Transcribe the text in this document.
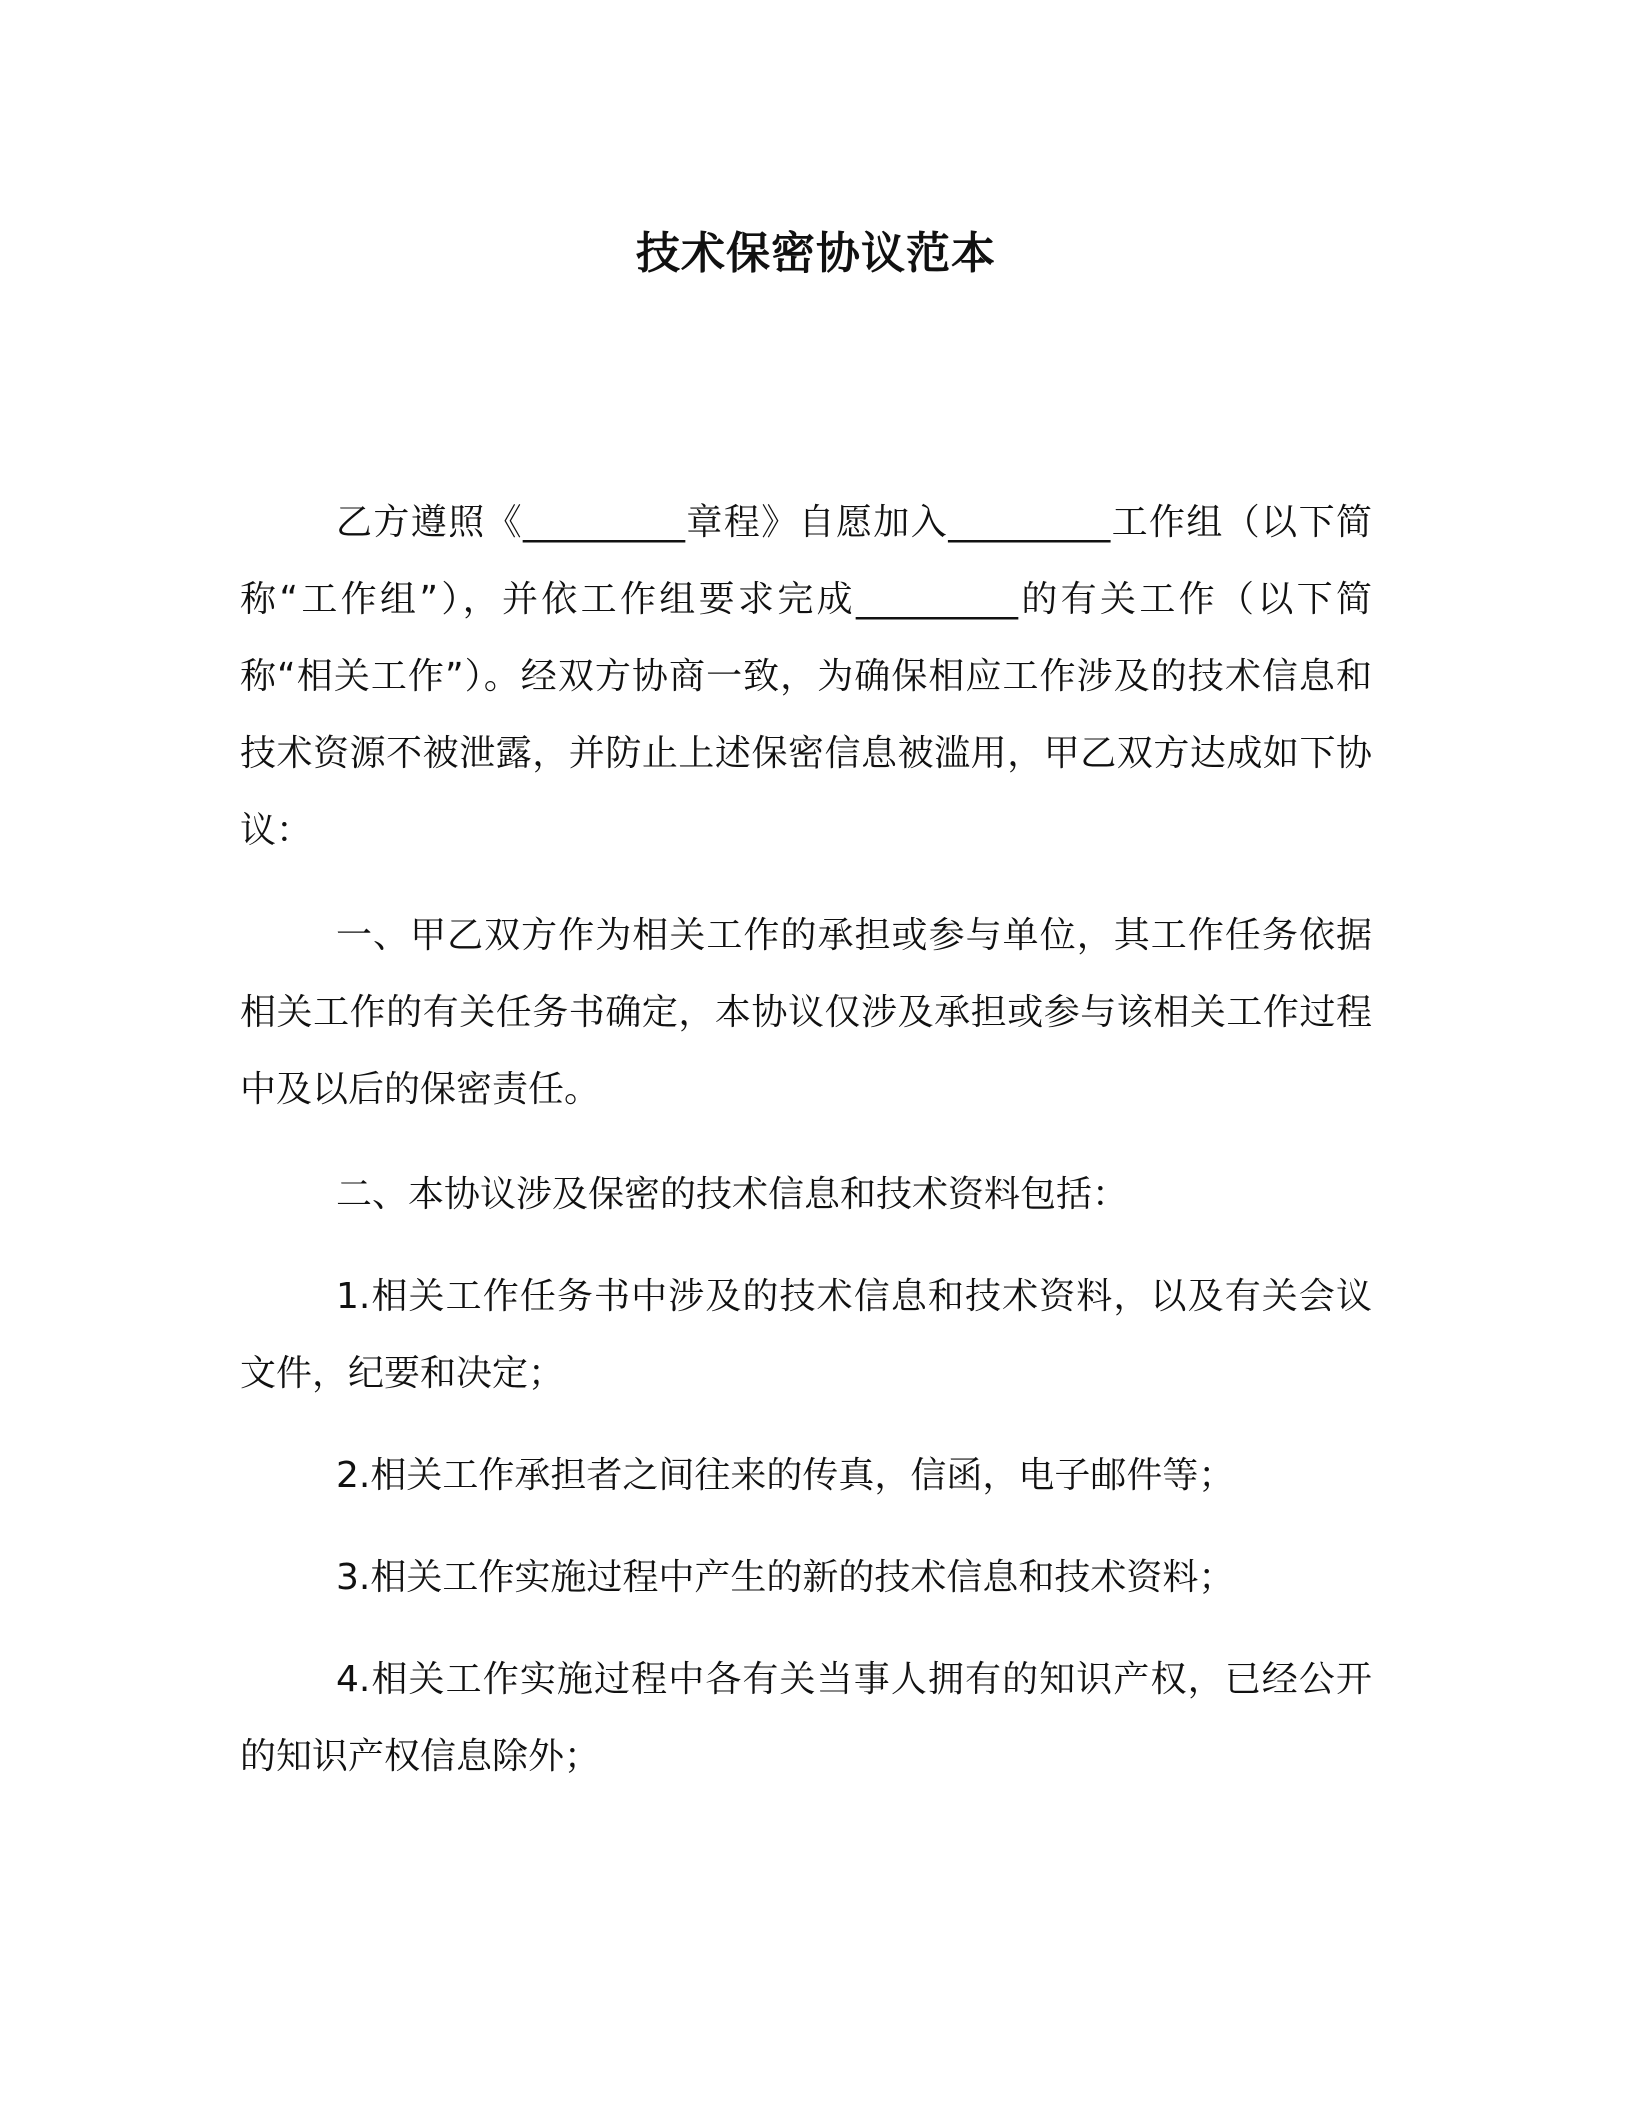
技术保密协议范本

乙方遵照《_________章程》自愿加入_________工作组（以下简称“工作组”），并依工作组要求完成_________的有关工作（以下简称“相关工作”）。经双方协商一致，为确保相应工作涉及的技术信息和技术资源不被泄露，并防止上述保密信息被滥用，甲乙双方达成如下协议：

一、甲乙双方作为相关工作的承担或参与单位，其工作任务依据相关工作的有关任务书确定，本协议仅涉及承担或参与该相关工作过程中及以后的保密责任。

二、本协议涉及保密的技术信息和技术资料包括：

1.相关工作任务书中涉及的技术信息和技术资料，以及有关会议文件，纪要和决定；

2.相关工作承担者之间往来的传真，信函，电子邮件等；

3.相关工作实施过程中产生的新的技术信息和技术资料；

4.相关工作实施过程中各有关当事人拥有的知识产权，已经公开的知识产权信息除外；
